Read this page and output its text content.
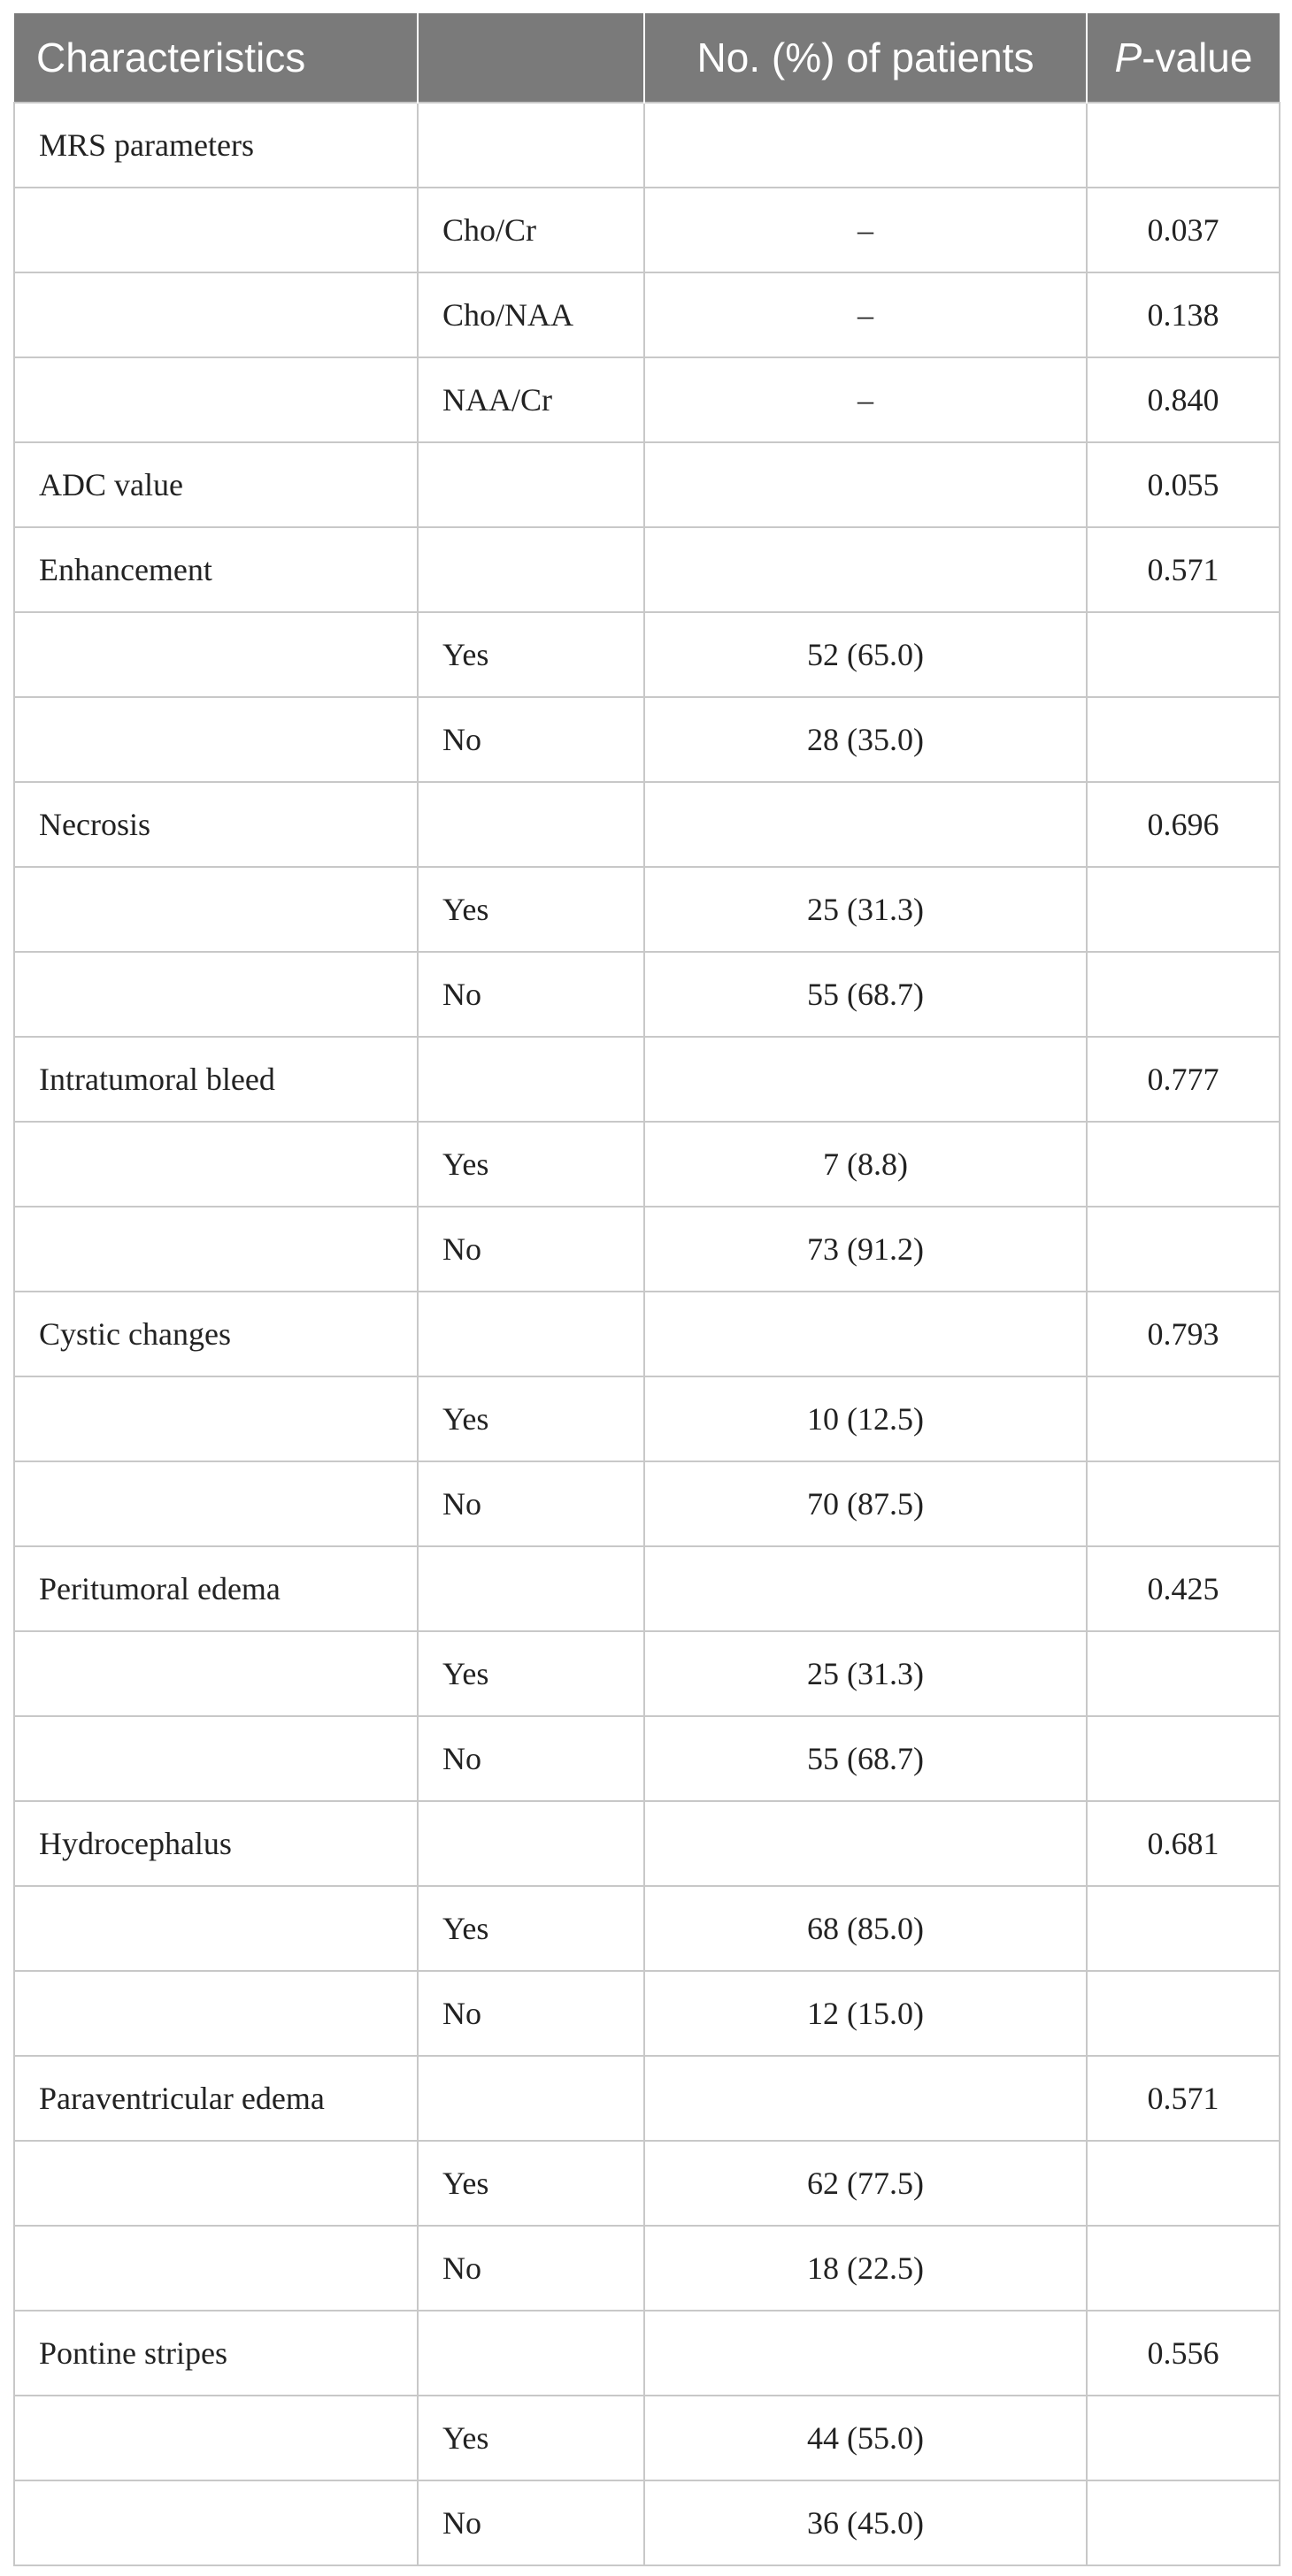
Characteristics		No. (%) of patients	P-value
MRS parameters			
	Cho/Cr	–	0.037
	Cho/NAA	–	0.138
	NAA/Cr	–	0.840
ADC value			0.055
Enhancement			0.571
	Yes	52 (65.0)	
	No	28 (35.0)	
Necrosis			0.696
	Yes	25 (31.3)	
	No	55 (68.7)	
Intratumoral bleed			0.777
	Yes	7 (8.8)	
	No	73 (91.2)	
Cystic changes			0.793
	Yes	10 (12.5)	
	No	70 (87.5)	
Peritumoral edema			0.425
	Yes	25 (31.3)	
	No	55 (68.7)	
Hydrocephalus			0.681
	Yes	68 (85.0)	
	No	12 (15.0)	
Paraventricular edema			0.571
	Yes	62 (77.5)	
	No	18 (22.5)	
Pontine stripes			0.556
	Yes	44 (55.0)	
	No	36 (45.0)	
